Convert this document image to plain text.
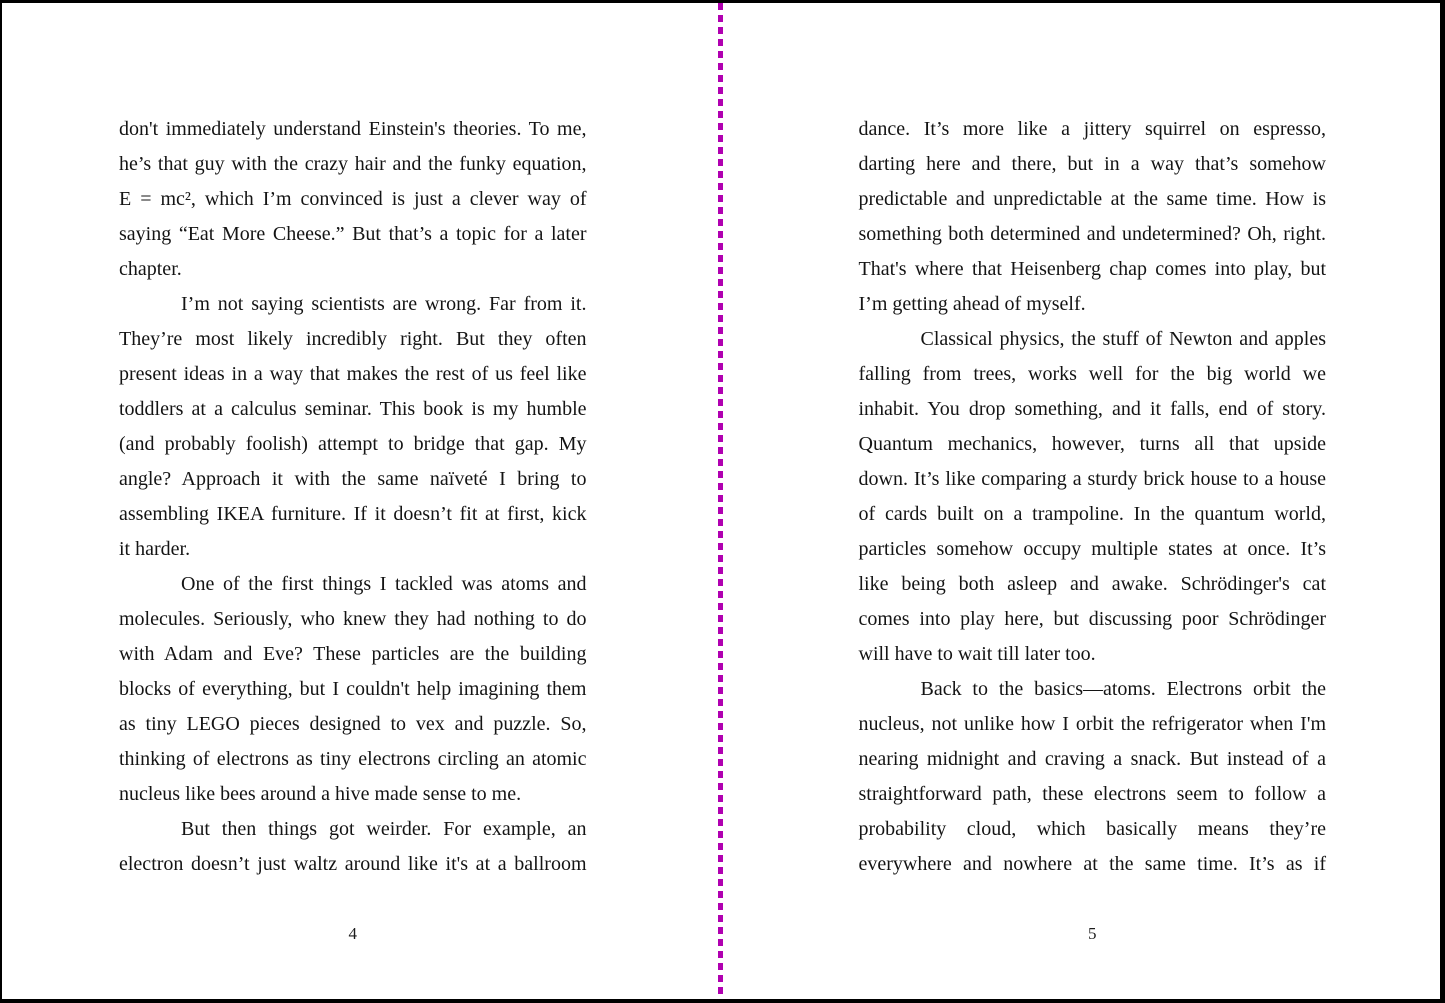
don't immediately understand Einstein's theories. To me,
he’s that guy with the crazy hair and the funky equation,
E = mc², which I’m convinced is just a clever way of
saying “Eat More Cheese.” But that’s a topic for a later
chapter.
I’m not saying scientists are wrong. Far from it.
They’re most likely incredibly right. But they often
present ideas in a way that makes the rest of us feel like
toddlers at a calculus seminar. This book is my humble
(and probably foolish) attempt to bridge that gap. My
angle? Approach it with the same naïveté I bring to
assembling IKEA furniture. If it doesn’t fit at first, kick
it harder.
One of the first things I tackled was atoms and
molecules. Seriously, who knew they had nothing to do
with Adam and Eve? These particles are the building
blocks of everything, but I couldn't help imagining them
as tiny LEGO pieces designed to vex and puzzle. So,
thinking of electrons as tiny electrons circling an atomic
nucleus like bees around a hive made sense to me.
But then things got weirder. For example, an
electron doesn’t just waltz around like it's at a ballroom
4
dance. It’s more like a jittery squirrel on espresso,
darting here and there, but in a way that’s somehow
predictable and unpredictable at the same time. How is
something both determined and undetermined? Oh, right.
That's where that Heisenberg chap comes into play, but
I’m getting ahead of myself.
Classical physics, the stuff of Newton and apples
falling from trees, works well for the big world we
inhabit. You drop something, and it falls, end of story.
Quantum mechanics, however, turns all that upside
down. It’s like comparing a sturdy brick house to a house
of cards built on a trampoline. In the quantum world,
particles somehow occupy multiple states at once. It’s
like being both asleep and awake. Schrödinger's cat
comes into play here, but discussing poor Schrödinger
will have to wait till later too.
Back to the basics—atoms. Electrons orbit the
nucleus, not unlike how I orbit the refrigerator when I'm
nearing midnight and craving a snack. But instead of a
straightforward path, these electrons seem to follow a
probability cloud, which basically means they’re
everywhere and nowhere at the same time. It’s as if
5
